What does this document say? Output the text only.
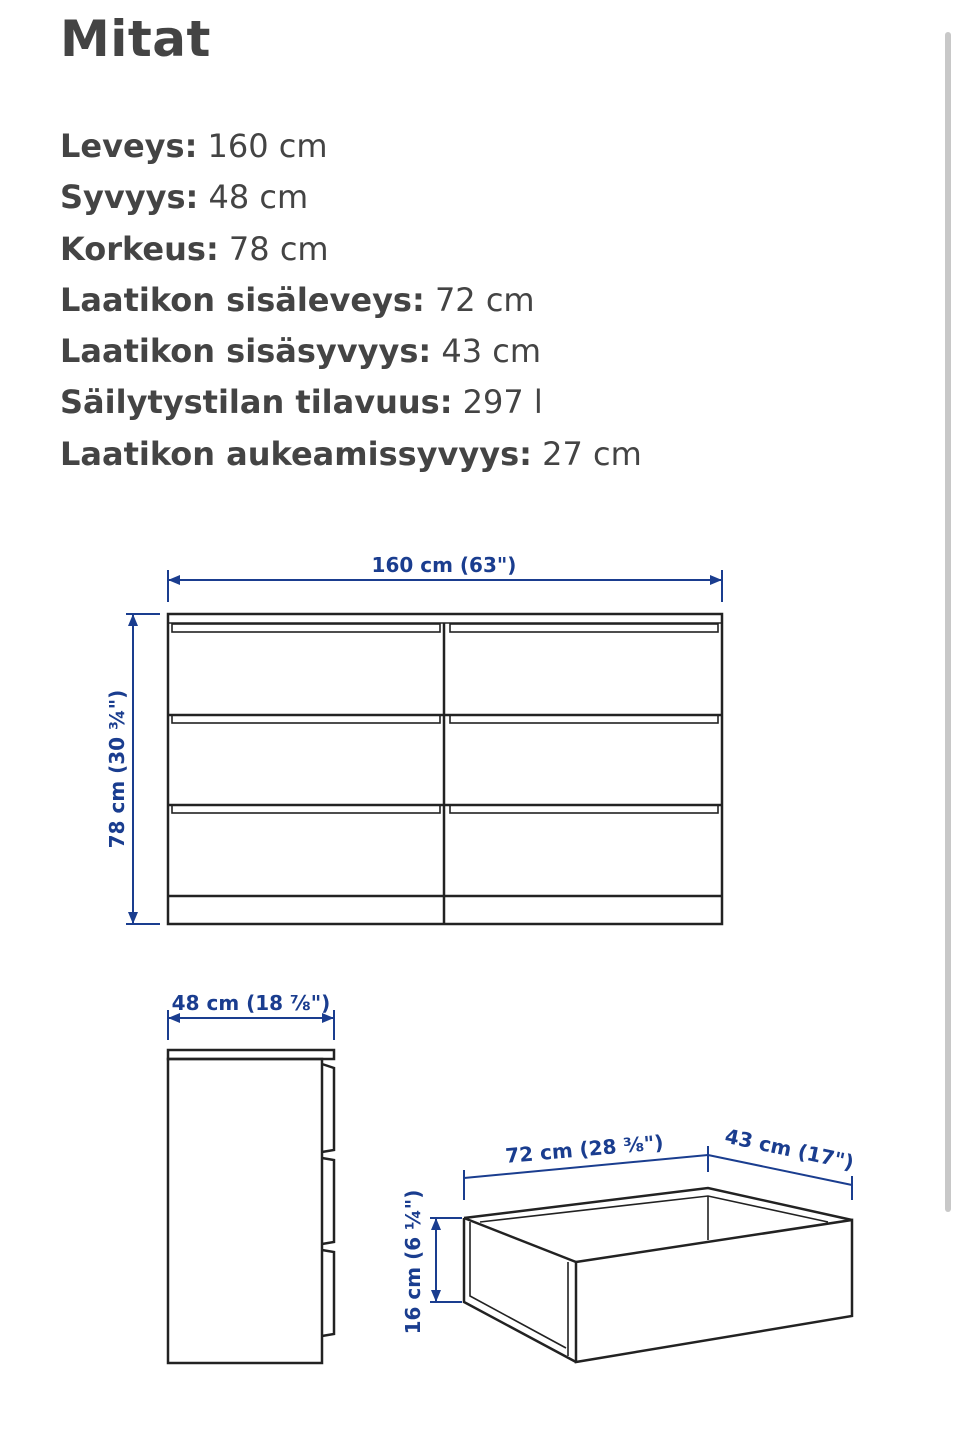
Mitat
Leveys: 160 cm
Syvyys: 48 cm
Korkeus: 78 cm
Laatikon sisäleveys: 72 cm
Laatikon sisäsyvyys: 43 cm
Säilytystilan tilavuus: 297 l
Laatikon aukeamissyvyys: 27 cm
160 cm (63")
78 cm (30 ¾")
48 cm (18 ⅞")
72 cm (28 ⅜")	43 cm (17")
16 cm (6 ¼")
